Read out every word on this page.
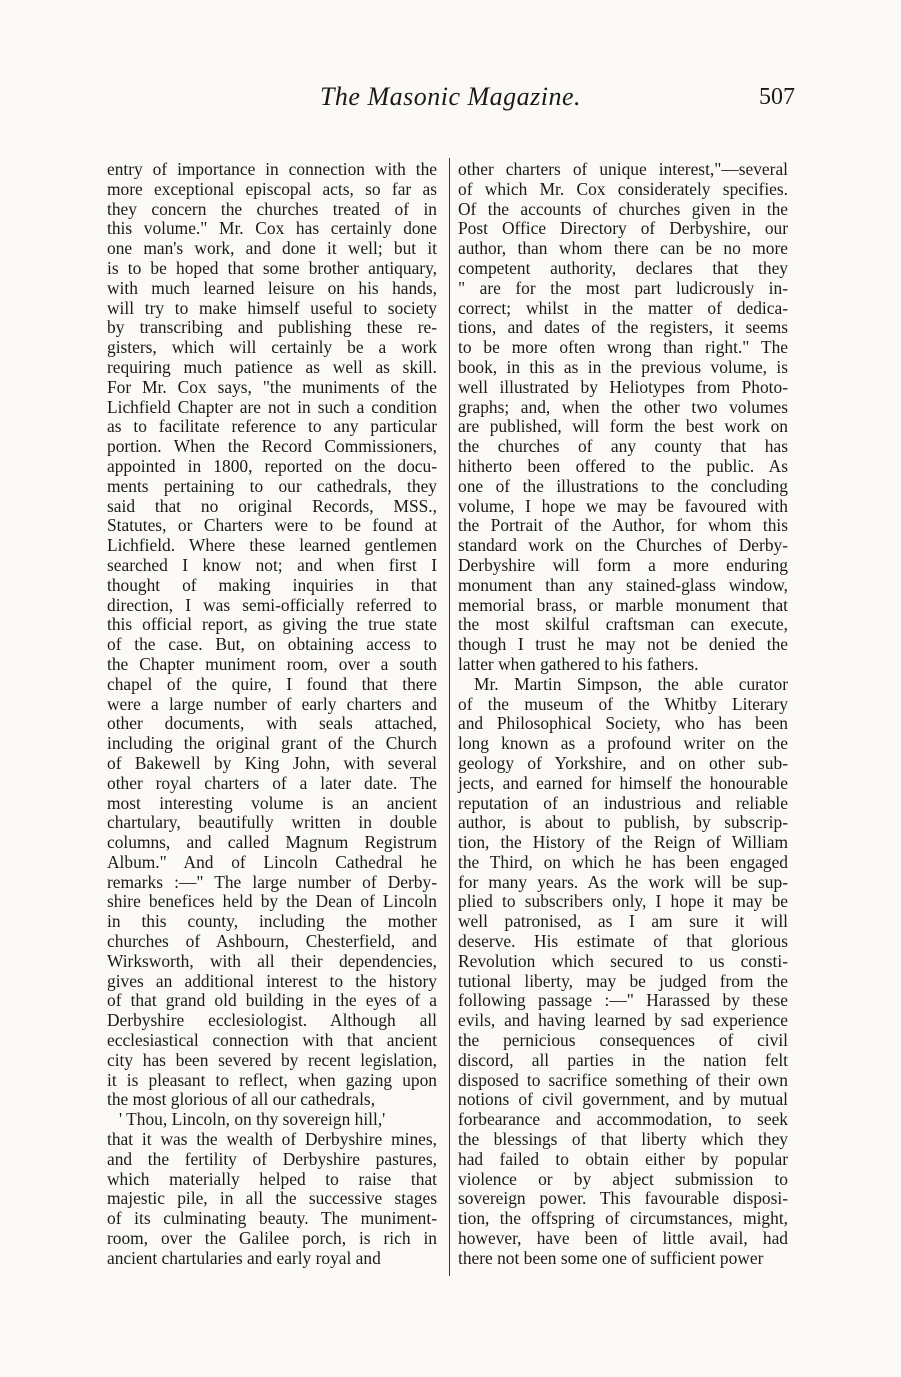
The Masonic Magazine.	507
entry of importance in connection with the
more exceptional episcopal acts, so far as
they concern the churches treated of in
this volume." Mr. Cox has certainly done
one man's work, and done it well; but it
is to be hoped that some brother antiquary,
with much learned leisure on his hands,
will try to make himself useful to society
by transcribing and publishing these re-
gisters, which will certainly be a work
requiring much patience as well as skill.
For Mr. Cox says, "the muniments of the
Lichfield Chapter are not in such a condition
as to facilitate reference to any particular
portion. When the Record Commissioners,
appointed in 1800, reported on the docu-
ments pertaining to our cathedrals, they
said that no original Records, MSS.,
Statutes, or Charters were to be found at
Lichfield. Where these learned gentlemen
searched I know not; and when first I
thought of making inquiries in that
direction, I was semi-officially referred to
this official report, as giving the true state
of the case. But, on obtaining access to
the Chapter muniment room, over a south
chapel of the quire, I found that there
were a large number of early charters and
other documents, with seals attached,
including the original grant of the Church
of Bakewell by King John, with several
other royal charters of a later date. The
most interesting volume is an ancient
chartulary, beautifully written in double
columns, and called Magnum Registrum
Album." And of Lincoln Cathedral he
remarks :—" The large number of Derby-
shire benefices held by the Dean of Lincoln
in this county, including the mother
churches of Ashbourn, Chesterfield, and
Wirksworth, with all their dependencies,
gives an additional interest to the history
of that grand old building in the eyes of a
Derbyshire ecclesiologist. Although all
ecclesiastical connection with that ancient
city has been severed by recent legislation,
it is pleasant to reflect, when gazing upon
the most glorious of all our cathedrals,
' Thou, Lincoln, on thy sovereign hill,'
that it was the wealth of Derbyshire mines,
and the fertility of Derbyshire pastures,
which materially helped to raise that
majestic pile, in all the successive stages
of its culminating beauty. The muniment-
room, over the Galilee porch, is rich in
ancient chartularies and early royal and
other charters of unique interest,"—several
of which Mr. Cox considerately specifies.
Of the accounts of churches given in the
Post Office Directory of Derbyshire, our
author, than whom there can be no more
competent authority, declares that they
" are for the most part ludicrously in-
correct; whilst in the matter of dedica-
tions, and dates of the registers, it seems
to be more often wrong than right." The
book, in this as in the previous volume, is
well illustrated by Heliotypes from Photo-
graphs; and, when the other two volumes
are published, will form the best work on
the churches of any county that has
hitherto been offered to the public. As
one of the illustrations to the concluding
volume, I hope we may be favoured with
the Portrait of the Author, for whom this
standard work on the Churches of Derby-
Derbyshire will form a more enduring
monument than any stained-glass window,
memorial brass, or marble monument that
the most skilful craftsman can execute,
though I trust he may not be denied the
latter when gathered to his fathers.
Mr. Martin Simpson, the able curator
of the museum of the Whitby Literary
and Philosophical Society, who has been
long known as a profound writer on the
geology of Yorkshire, and on other sub-
jects, and earned for himself the honourable
reputation of an industrious and reliable
author, is about to publish, by subscrip-
tion, the History of the Reign of William
the Third, on which he has been engaged
for many years. As the work will be sup-
plied to subscribers only, I hope it may be
well patronised, as I am sure it will
deserve. His estimate of that glorious
Revolution which secured to us consti-
tutional liberty, may be judged from the
following passage :—" Harassed by these
evils, and having learned by sad experience
the pernicious consequences of civil
discord, all parties in the nation felt
disposed to sacrifice something of their own
notions of civil government, and by mutual
forbearance and accommodation, to seek
the blessings of that liberty which they
had failed to obtain either by popular
violence or by abject submission to
sovereign power. This favourable disposi-
tion, the offspring of circumstances, might,
however, have been of little avail, had
there not been some one of sufficient power
